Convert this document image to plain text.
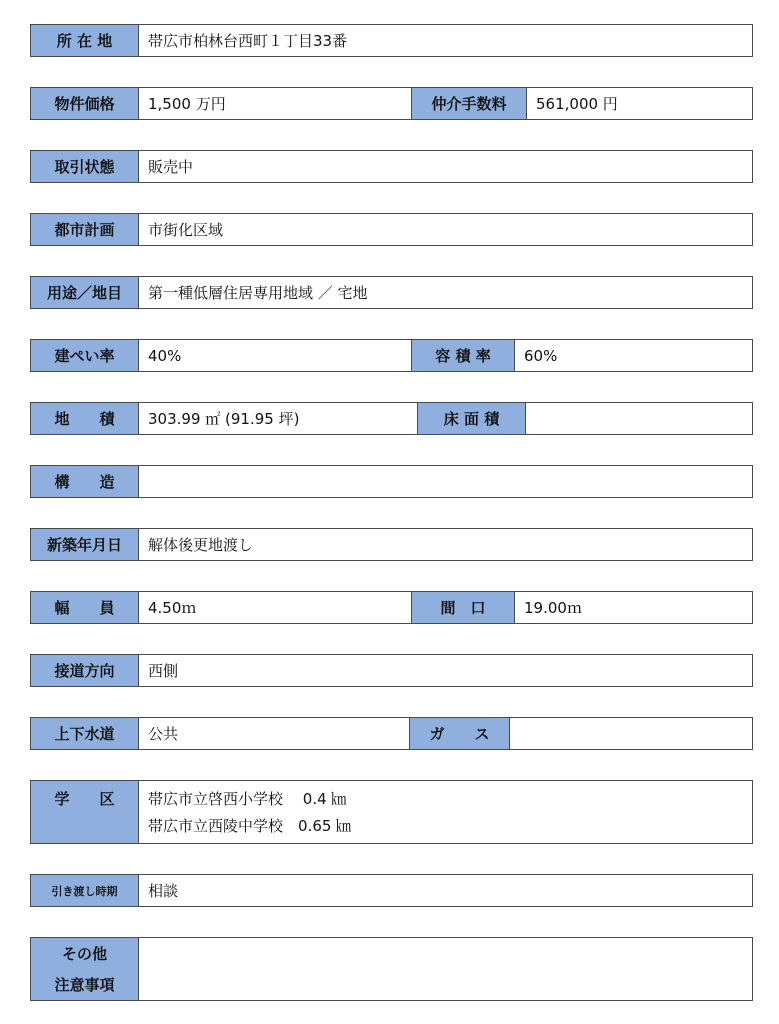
所 在 地	帯広市柏林台西町１丁目33番
物件価格	1,500 万円	仲介手数料	561,000 円
取引状態	販売中
都市計画	市街化区域
用途／地目	第一種低層住居専用地域 ／ 宅地
建ぺい率	40%	容 積 率	60%
地　　積	303.99 ㎡ (91.95 坪)	床 面 積
構　　造
新築年月日	解体後更地渡し
幅　　員	4.50ｍ	間　口	19.00ｍ
接道方向	西側
上下水道	公共	ガ　　ス
学　　区	帯広市立啓西小学校　 0.4 ㎞
帯広市立西陵中学校　0.65 ㎞
引き渡し時期	相談
その他
注意事項
